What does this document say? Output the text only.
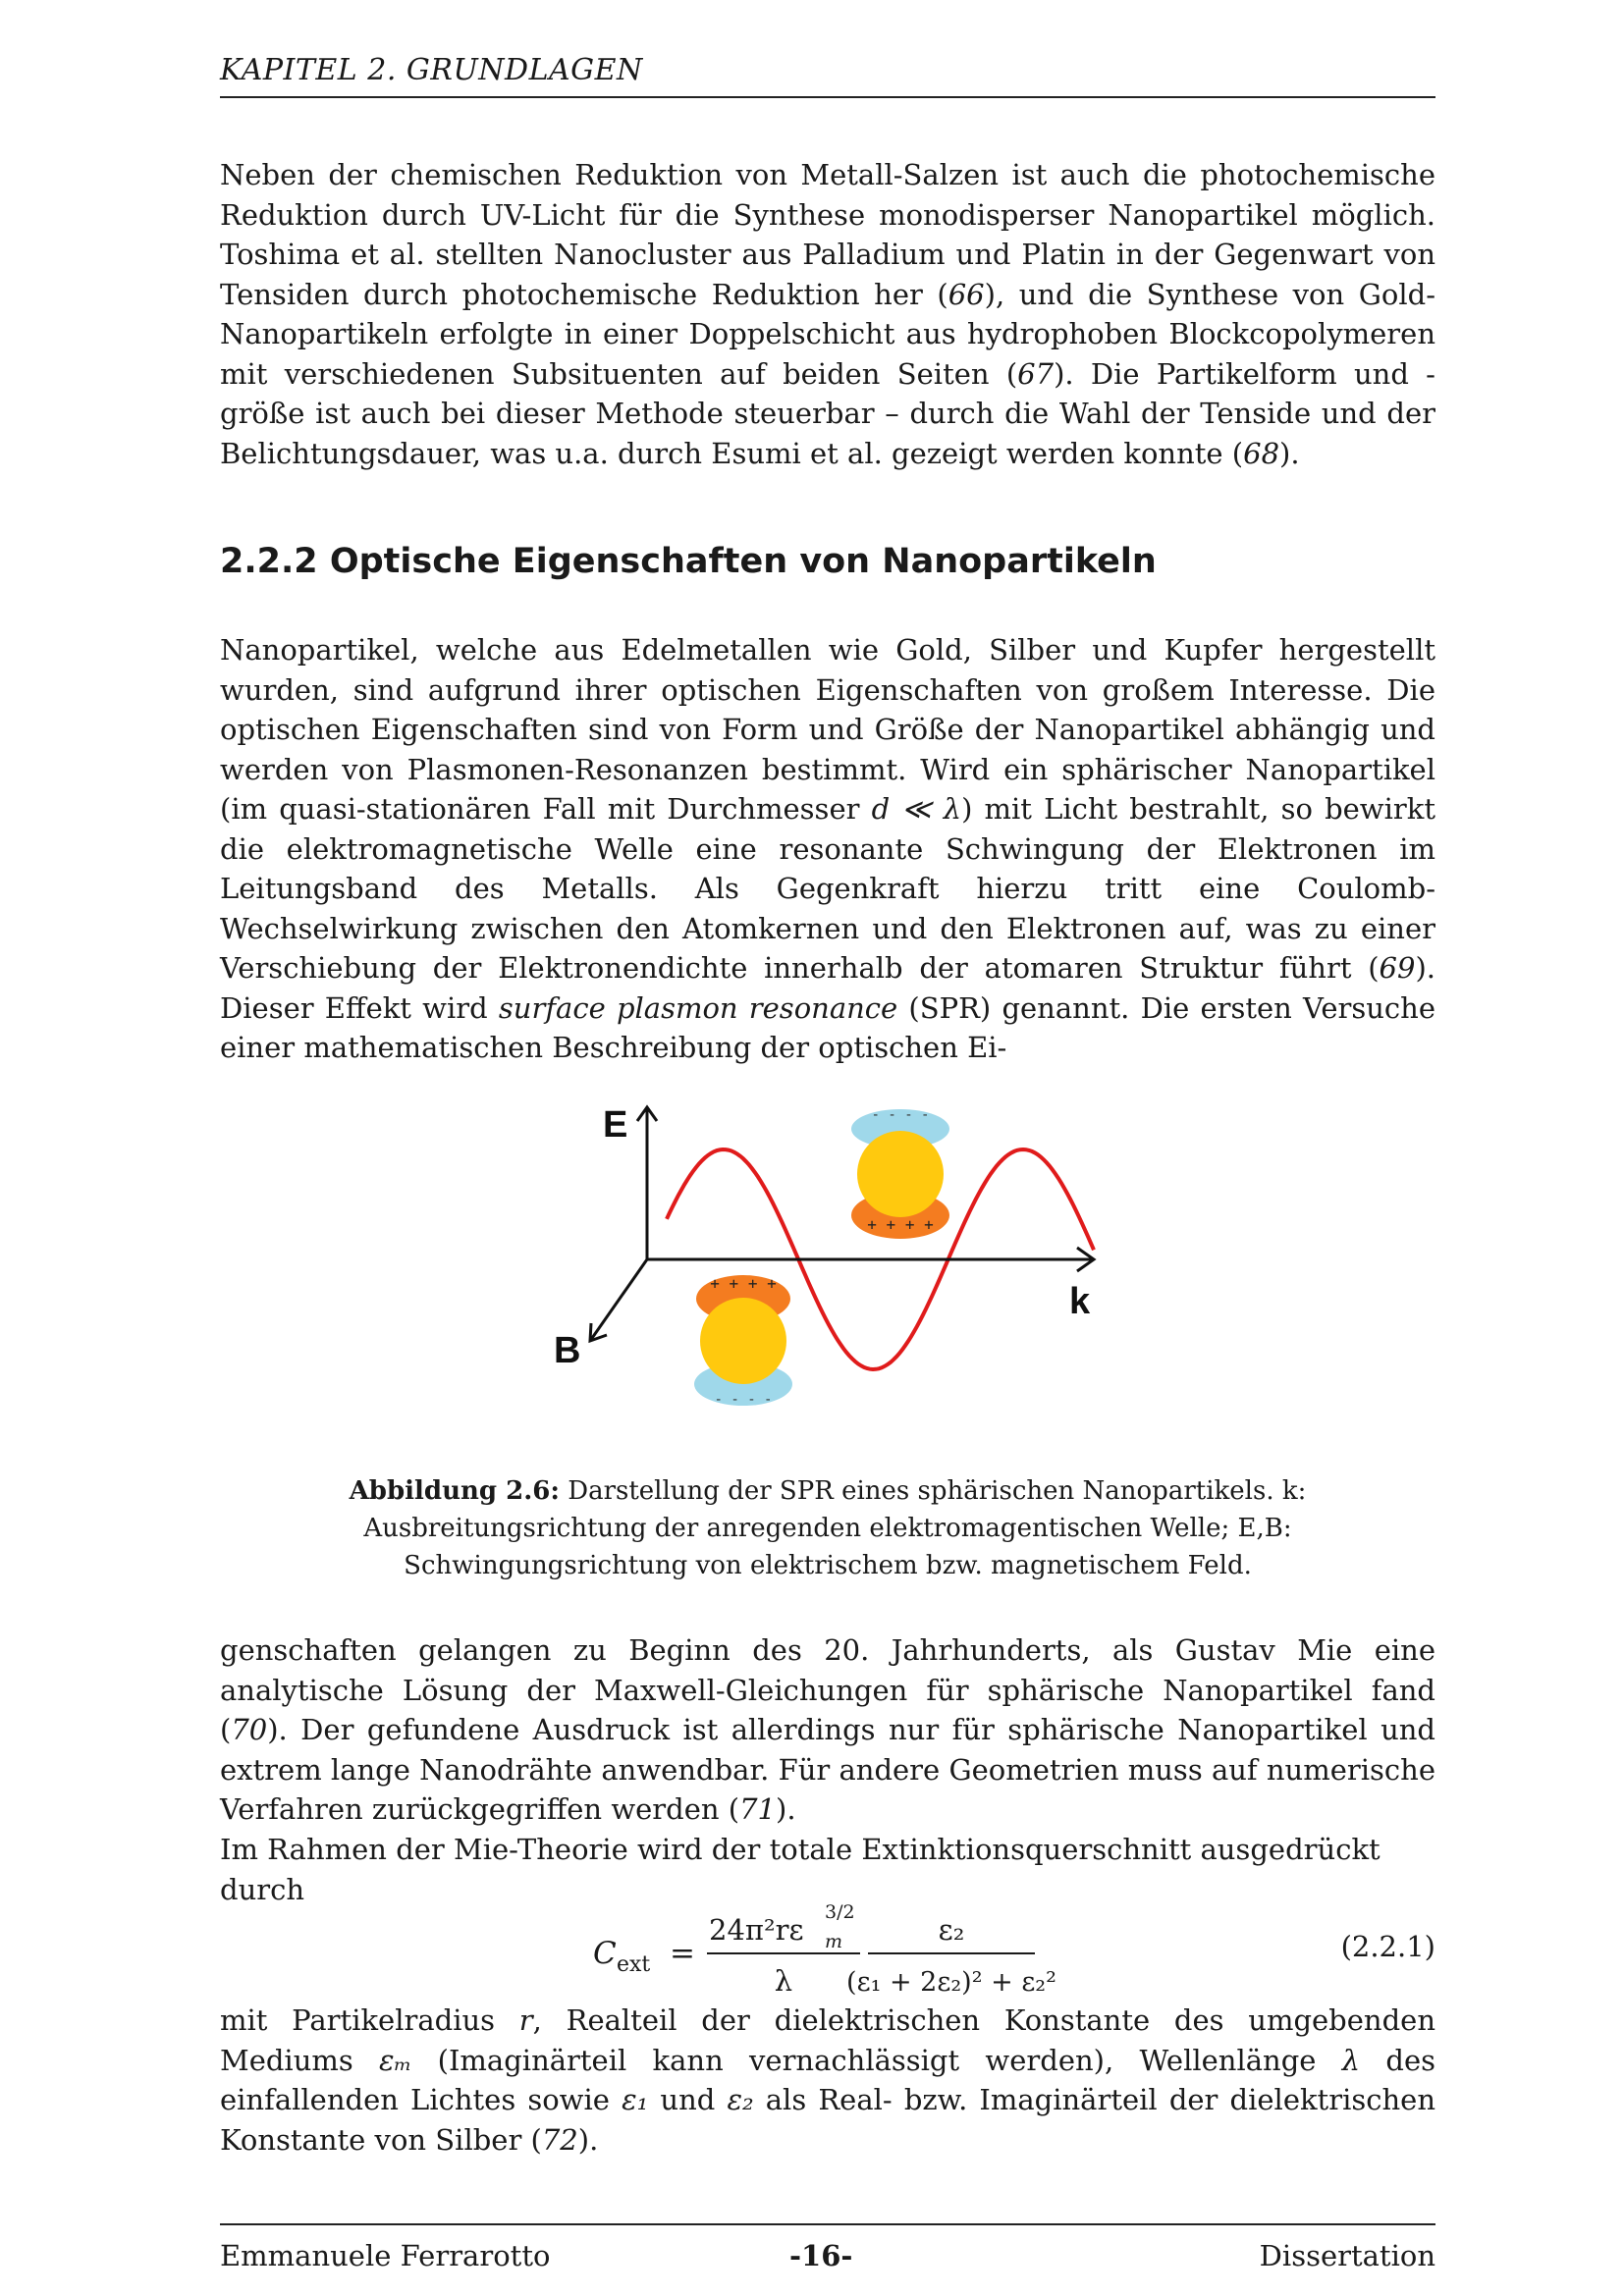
KAPITEL 2. GRUNDLAGEN

Neben der chemischen Reduktion von Metall-Salzen ist auch die photochemische Reduktion durch UV-Licht für die Synthese monodisperser Nanopartikel möglich. Toshima et al. stellten Nanocluster aus Palladium und Platin in der Gegenwart von Tensiden durch photochemische Reduktion her (66), und die Synthese von Gold-Nanopartikeln erfolgte in einer Doppelschicht aus hydrophoben Blockcopolymeren mit verschiedenen Subsituenten auf beiden Seiten (67). Die Partikelform und -größe ist auch bei dieser Methode steuerbar – durch die Wahl der Tenside und der Belichtungsdauer, was u.a. durch Esumi et al. gezeigt werden konnte (68).

2.2.2 Optische Eigenschaften von Nanopartikeln

Nanopartikel, welche aus Edelmetallen wie Gold, Silber und Kupfer hergestellt wurden, sind aufgrund ihrer optischen Eigenschaften von großem Interesse. Die optischen Eigenschaften sind von Form und Größe der Nanopartikel abhängig und werden von Plasmonen-Resonanzen bestimmt. Wird ein sphärischer Nanopartikel (im quasi-stationären Fall mit Durchmesser d ≪ λ) mit Licht bestrahlt, so bewirkt die elektromagnetische Welle eine resonante Schwingung der Elektronen im Leitungsband des Metalls. Als Gegenkraft hierzu tritt eine Coulomb-Wechselwirkung zwischen den Atomkernen und den Elektronen auf, was zu einer Verschiebung der Elektronendichte innerhalb der atomaren Struktur führt (69). Dieser Effekt wird surface plasmon resonance (SPR) genannt. Die ersten Versuche einer mathematischen Beschreibung der optischen Ei-

E
B
k
- - - -
+ + + +
+ + + +
- - - -
Abbildung 2.6: Darstellung der SPR eines sphärischen Nanopartikels. k: Ausbreitungsrichtung der anregenden elektromagentischen Welle; E,B: Schwingungsrichtung von elektrischem bzw. magnetischem Feld.

genschaften gelangen zu Beginn des 20. Jahrhunderts, als Gustav Mie eine analytische Lösung der Maxwell-Gleichungen für sphärische Nanopartikel fand (70). Der gefundene Ausdruck ist allerdings nur für sphärische Nanopartikel und extrem lange Nanodrähte anwendbar. Für andere Geometrien muss auf numerische Verfahren zurückgegriffen werden (71).

Im Rahmen der Mie-Theorie wird der totale Extinktionsquerschnitt ausgedrückt durch

C ext =
24π²rε m
3/2
λ
ε₂
(ε₁ + 2ε₂)² + ε₂²
(2.2.1)

mit Partikelradius r, Realteil der dielektrischen Konstante des umgebenden Mediums εₘ (Imaginärteil kann vernachlässigt werden), Wellenlänge λ des einfallenden Lichtes sowie ε₁ und ε₂ als Real- bzw. Imaginärteil der dielektrischen Konstante von Silber (72).

Emmanuele Ferrarotto	-16-	Dissertation
